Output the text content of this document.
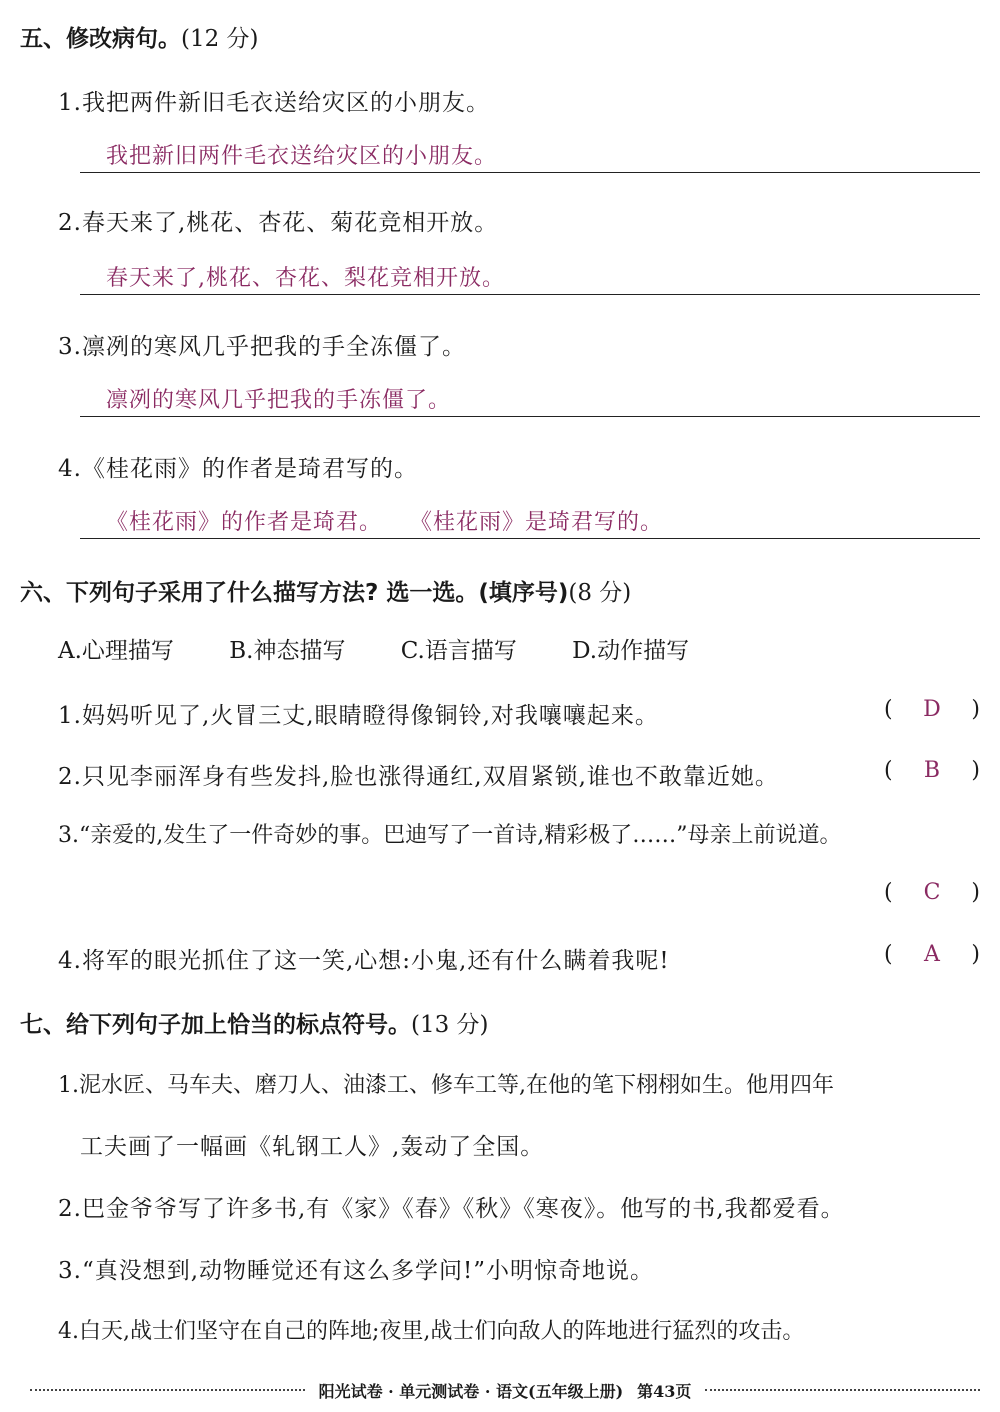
五、修改病句。(12 分)
1.我把两件新旧毛衣送给灾区的小朋友。
我把新旧两件毛衣送给灾区的小朋友。
2.春天来了,桃花、杏花、菊花竞相开放。
春天来了,桃花、杏花、梨花竞相开放。
3.凛冽的寒风几乎把我的手全冻僵了。
凛冽的寒风几乎把我的手冻僵了。
4.《桂花雨》的作者是琦君写的。
《桂花雨》的作者是琦君。 《桂花雨》是琦君写的。
六、下列句子采用了什么描写方法? 选一选。(填序号)(8 分)
A.心理描写 B.神态描写 C.语言描写 D.动作描写
1.妈妈听见了,火冒三丈,眼睛瞪得像铜铃,对我嚷嚷起来。	( D )
2.只见李丽浑身有些发抖,脸也涨得通红,双眉紧锁,谁也不敢靠近她。	( B )
3.“亲爱的,发生了一件奇妙的事。巴迪写了一首诗,精彩极了……”母亲上前说道。
( C )
4.将军的眼光抓住了这一笑,心想:小鬼,还有什么瞒着我呢!	( A )
七、给下列句子加上恰当的标点符号。(13 分)
1.泥水匠、马车夫、磨刀人、油漆工、修车工等,在他的笔下栩栩如生。他用四年
工夫画了一幅画《轧钢工人》,轰动了全国。
2.巴金爷爷写了许多书,有《家》《春》《秋》《寒夜》。他写的书,我都爱看。
3.“真没想到,动物睡觉还有这么多学问!”小明惊奇地说。
4.白天,战士们坚守在自己的阵地;夜里,战士们向敌人的阵地进行猛烈的攻击。
阳光试卷 · 单元测试卷 · 语文(五年级上册) 第43页
